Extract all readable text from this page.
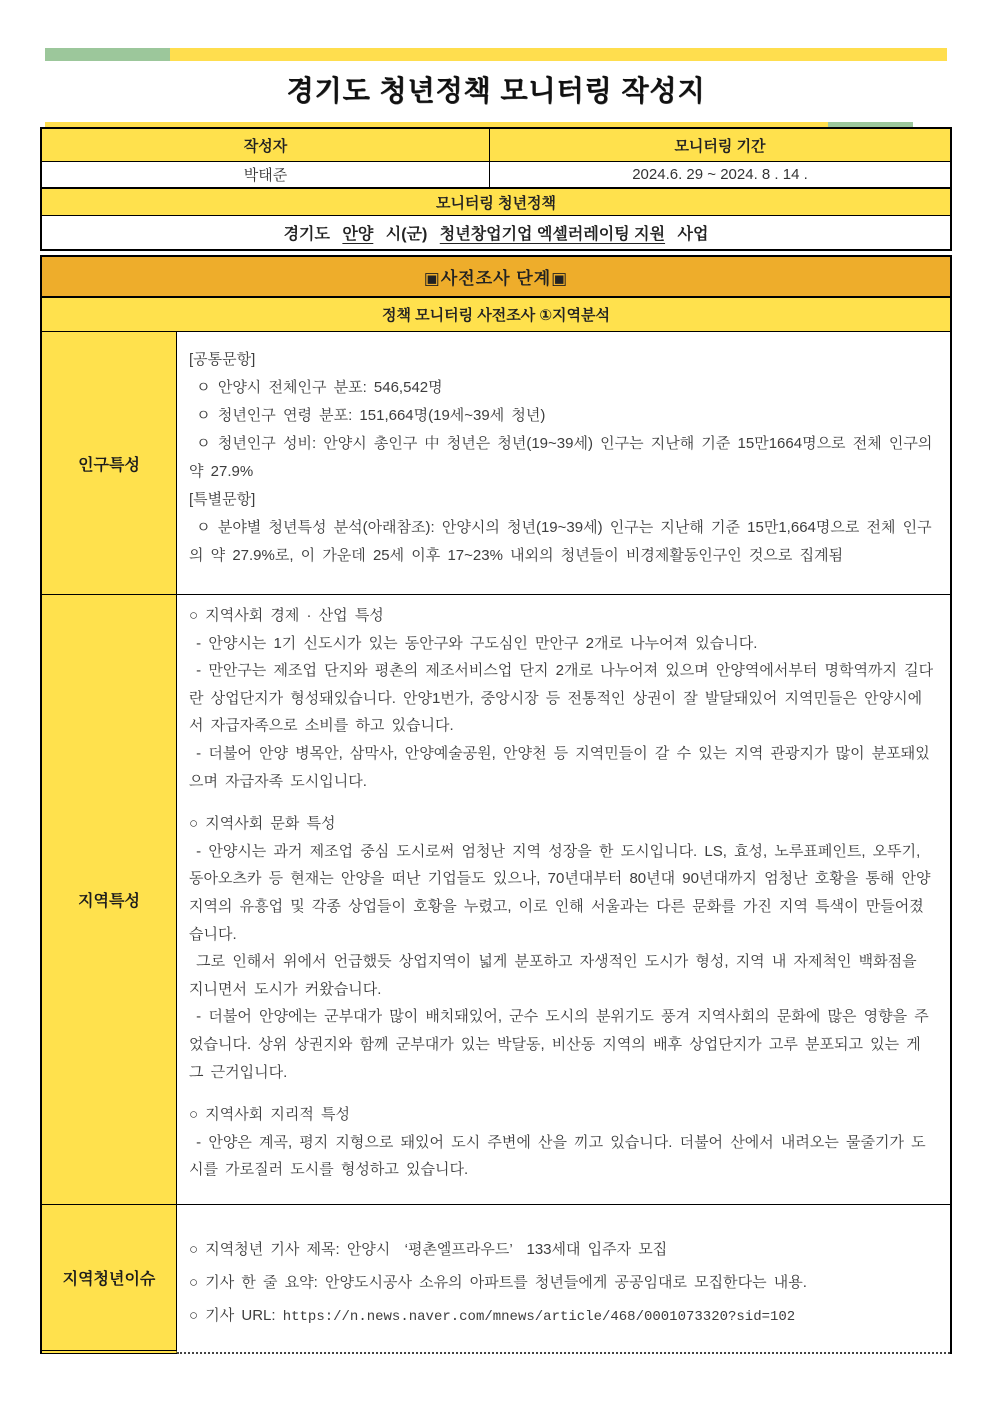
경기도 청년정책 모니터링 작성지
작성자	모니터링 기간
박태준	2024.6. 29 ~ 2024. 8 . 14 .
모니터링 청년정책
경기도 안양 시(군) 청년창업기업 엑셀러레이팅 지원 사업
▣사전조사 단계▣
정책 모니터링 사전조사 ①지역분석
인구특성
[공통문항]
ㅇ 안양시 전체인구 분포: 546,542명
ㅇ 청년인구 연령 분포: 151,664명(19세~39세 청년)
ㅇ 청년인구 성비: 안양시 총인구 中 청년은 청년(19~39세) 인구는 지난해 기준 15만1664명으로 전체 인구의 약 27.9%
[특별문항]
ㅇ 분야별 청년특성 분석(아래참조): 안양시의 청년(19~39세) 인구는 지난해 기준 15만1,664명으로 전체 인구의 약 27.9%로, 이 가운데 25세 이후 17~23% 내외의 청년들이 비경제활동인구인 것으로 집계됨
지역특성
○ 지역사회 경제 · 산업 특성
- 안양시는 1기 신도시가 있는 동안구와 구도심인 만안구 2개로 나누어져 있습니다.
- 만안구는 제조업 단지와 평촌의 제조서비스업 단지 2개로 나누어져 있으며 안양역에서부터 명학역까지 길다란 상업단지가 형성돼있습니다. 안양1번가, 중앙시장 등 전통적인 상권이 잘 발달돼있어 지역민들은 안양시에서 자급자족으로 소비를 하고 있습니다.
- 더불어 안양 병목안, 삼막사, 안양예술공원, 안양천 등 지역민들이 갈 수 있는 지역 관광지가 많이 분포돼있으며 자급자족 도시입니다.
○ 지역사회 문화 특성
- 안양시는 과거 제조업 중심 도시로써 엄청난 지역 성장을 한 도시입니다. LS, 효성, 노루표페인트, 오뚜기, 동아오츠카 등 현재는 안양을 떠난 기업들도 있으나, 70년대부터 80년대 90년대까지 엄청난 호황을 통해 안양 지역의 유흥업 및 각종 상업들이 호황을 누렸고, 이로 인해 서울과는 다른 문화를 가진 지역 특색이 만들어졌습니다.
그로 인해서 위에서 언급했듯 상업지역이 넓게 분포하고 자생적인 도시가 형성, 지역 내 자제척인 백화점을 지니면서 도시가 커왔습니다.
- 더불어 안양에는 군부대가 많이 배치돼있어, 군수 도시의 분위기도 풍겨 지역사회의 문화에 많은 영향을 주었습니다. 상위 상권지와 함께 군부대가 있는 박달동, 비산동 지역의 배후 상업단지가 고루 분포되고 있는 게 그 근거입니다.
○ 지역사회 지리적 특성
- 안양은 계곡, 평지 지형으로 돼있어 도시 주변에 산을 끼고 있습니다. 더불어 산에서 내려오는 물줄기가 도시를 가로질러 도시를 형성하고 있습니다.
지역청년이슈
○ 지역청년 기사 제목: 안양시  ‘평촌엘프라우드’  133세대 입주자 모집
○ 기사 한 줄 요약: 안양도시공사 소유의 아파트를 청년들에게 공공임대로 모집한다는 내용.
○ 기사 URL: https://n.news.naver.com/mnews/article/468/0001073320?sid=102
